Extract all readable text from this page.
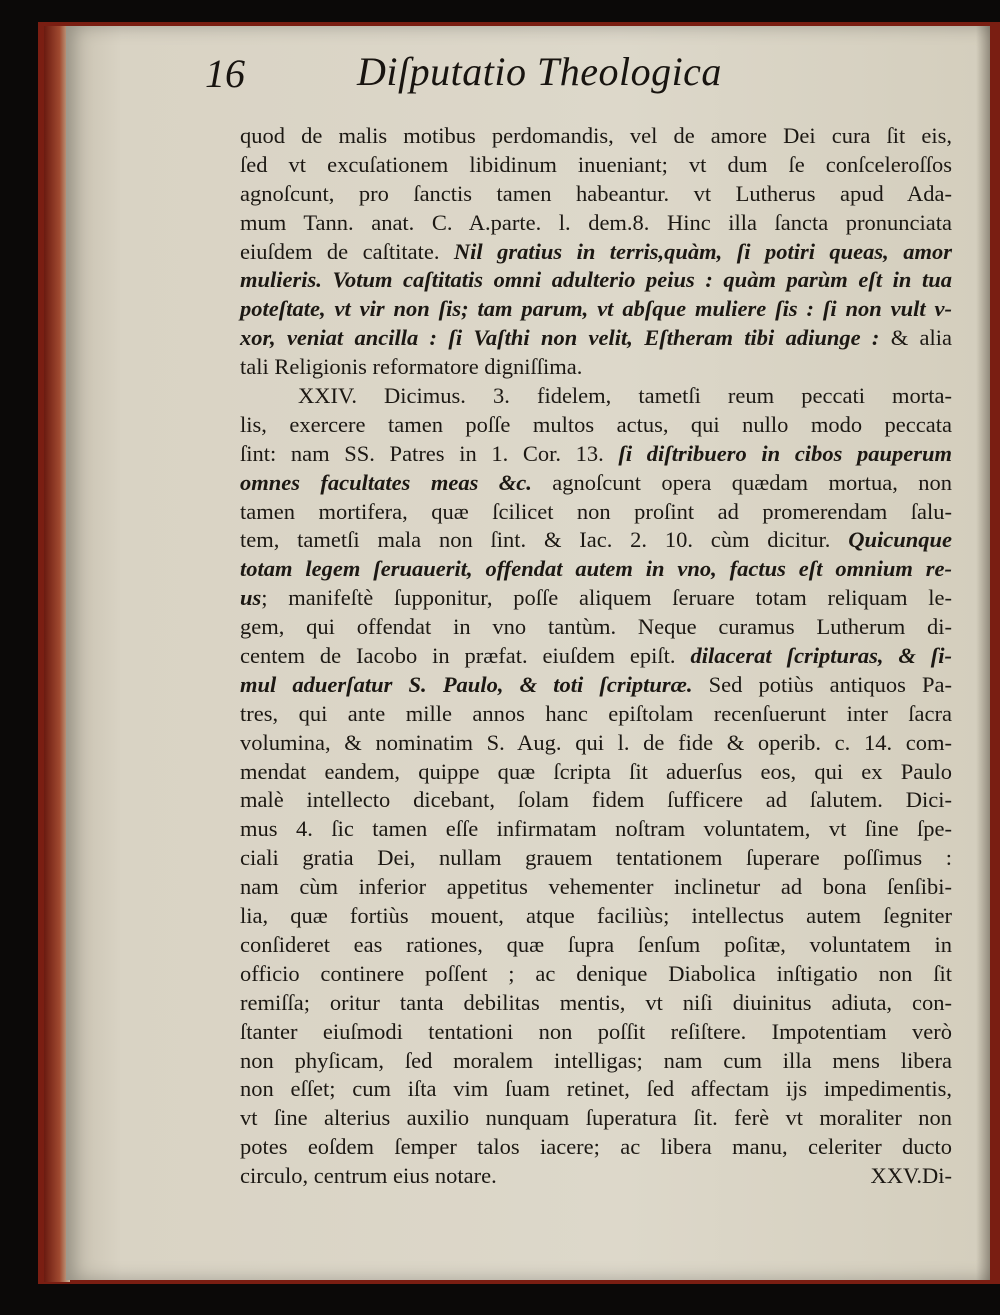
16	Diſputatio Theologica
quod de malis motibus perdomandis, vel de amore Dei cura ſit eis,
ſed vt excuſationem libidinum inueniant; vt dum ſe conſceleroſſos
agnoſcunt, pro ſanctis tamen habeantur. vt Lutherus apud Ada-
mum Tann. anat. C. A.parte. l. dem.8. Hinc illa ſancta pronunciata
eiuſdem de caſtitate. Nil gratius in terris,quàm, ſi potiri queas, amor
mulieris. Votum caſtitatis omni adulterio peius : quàm parùm eſt in tua
poteſtate, vt vir non ſis; tam parum, vt abſque muliere ſis : ſi non vult v-
xor, veniat ancilla : ſi Vaſthi non velit, Eſtheram tibi adiunge : & alia
tali Religionis reformatore digniſſima.
XXIV. Dicimus. 3. fidelem, tametſi reum peccati morta-
lis, exercere tamen poſſe multos actus, qui nullo modo peccata
ſint: nam SS. Patres in 1. Cor. 13. ſi diſtribuero in cibos pauperum
omnes facultates meas &c. agnoſcunt opera quædam mortua, non
tamen mortifera, quæ ſcilicet non proſint ad promerendam ſalu-
tem, tametſi mala non ſint. & Iac. 2. 10. cùm dicitur. Quicunque
totam legem ſeruauerit, offendat autem in vno, factus eſt omnium re-
us; manifeſtè ſupponitur, poſſe aliquem ſeruare totam reliquam le-
gem, qui offendat in vno tantùm. Neque curamus Lutherum di-
centem de Iacobo in præfat. eiuſdem epiſt. dilacerat ſcripturas, & ſi-
mul aduerſatur S. Paulo, & toti ſcripturæ. Sed potiùs antiquos Pa-
tres, qui ante mille annos hanc epiſtolam recenſuerunt inter ſacra
volumina, & nominatim S. Aug. qui l. de fide & operib. c. 14. com-
mendat eandem, quippe quæ ſcripta ſit aduerſus eos, qui ex Paulo
malè intellecto dicebant, ſolam fidem ſufficere ad ſalutem. Dici-
mus 4. ſic tamen eſſe infirmatam noſtram voluntatem, vt ſine ſpe-
ciali gratia Dei, nullam grauem tentationem ſuperare poſſimus :
nam cùm inferior appetitus vehementer inclinetur ad bona ſenſibi-
lia, quæ fortiùs mouent, atque faciliùs; intellectus autem ſegniter
conſideret eas rationes, quæ ſupra ſenſum poſitæ, voluntatem in
officio continere poſſent ; ac denique Diabolica inſtigatio non ſit
remiſſa; oritur tanta debilitas mentis, vt niſi diuinitus adiuta, con-
ſtanter eiuſmodi tentationi non poſſit reſiſtere. Impotentiam verò
non phyſicam, ſed moralem intelligas; nam cum illa mens libera
non eſſet; cum iſta vim ſuam retinet, ſed affectam ijs impedimentis,
vt ſine alterius auxilio nunquam ſuperatura ſit. ferè vt moraliter non
potes eoſdem ſemper talos iacere; ac libera manu, celeriter ducto
circulo, centrum eius notare.	XXV.Di-
